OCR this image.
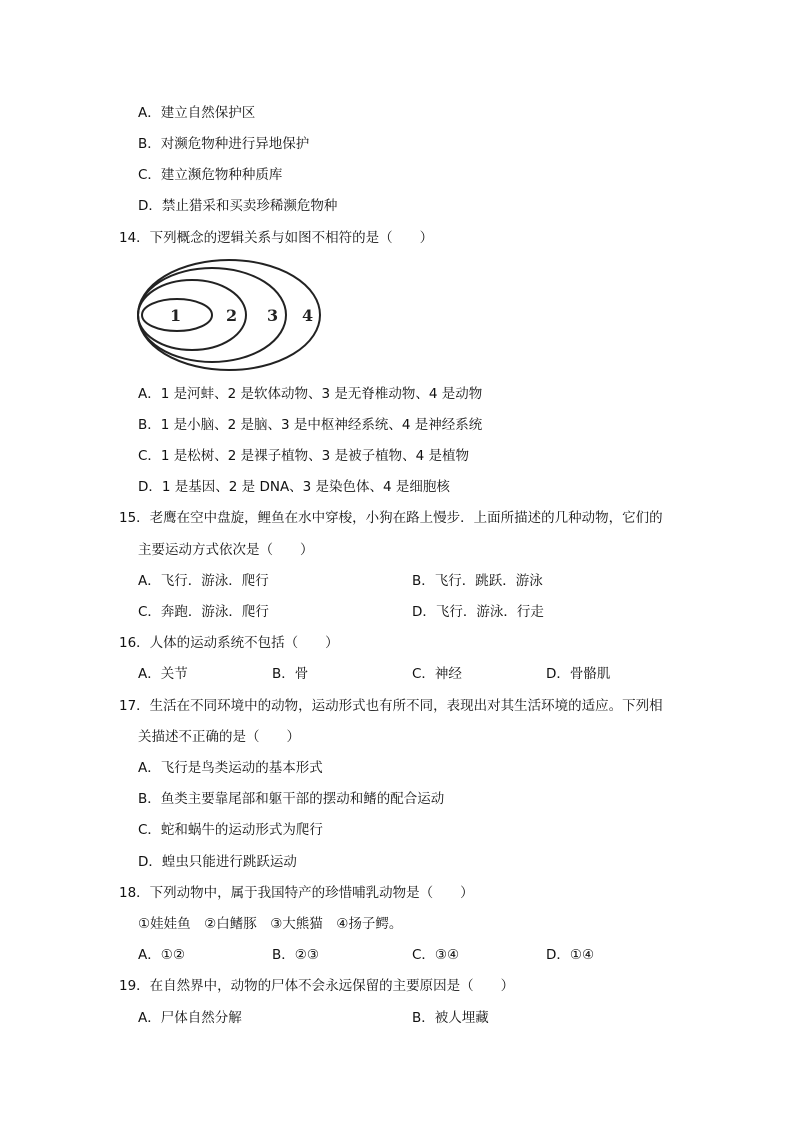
A．建立自然保护区
B．对濒危物种进行异地保护
C．建立濒危物种种质库
D．禁止猎采和买卖珍稀濒危物种
14．下列概念的逻辑关系与如图不相符的是（　　）
1	2 3 4
A．1 是河蚌、2 是软体动物、3 是无脊椎动物、4 是动物
B．1 是小脑、2 是脑、3 是中枢神经系统、4 是神经系统
C．1 是松树、2 是裸子植物、3 是被子植物、4 是植物
D．1 是基因、2 是 DNA、3 是染色体、4 是细胞核
15．老鹰在空中盘旋，鲤鱼在水中穿梭，小狗在路上慢步．上面所描述的几种动物，它们的
主要运动方式依次是（　　）
A．飞行．游泳．爬行	B．飞行．跳跃．游泳
C．奔跑．游泳．爬行	D．飞行．游泳．行走
16．人体的运动系统不包括（　　）
A．关节	B．骨	C．神经	D．骨骼肌
17．生活在不同环境中的动物，运动形式也有所不同，表现出对其生活环境的适应。下列相
关描述不正确的是（　　）
A．飞行是鸟类运动的基本形式
B．鱼类主要靠尾部和躯干部的摆动和鳍的配合运动
C．蛇和蜗牛的运动形式为爬行
D．蝗虫只能进行跳跃运动
18．下列动物中，属于我国特产的珍惜哺乳动物是（　　）
①娃娃鱼　②白鳍豚　③大熊猫　④扬子鳄。
A．①②	B．②③	C．③④	D．①④
19．在自然界中，动物的尸体不会永远保留的主要原因是（　　）
A．尸体自然分解	B．被人埋藏
